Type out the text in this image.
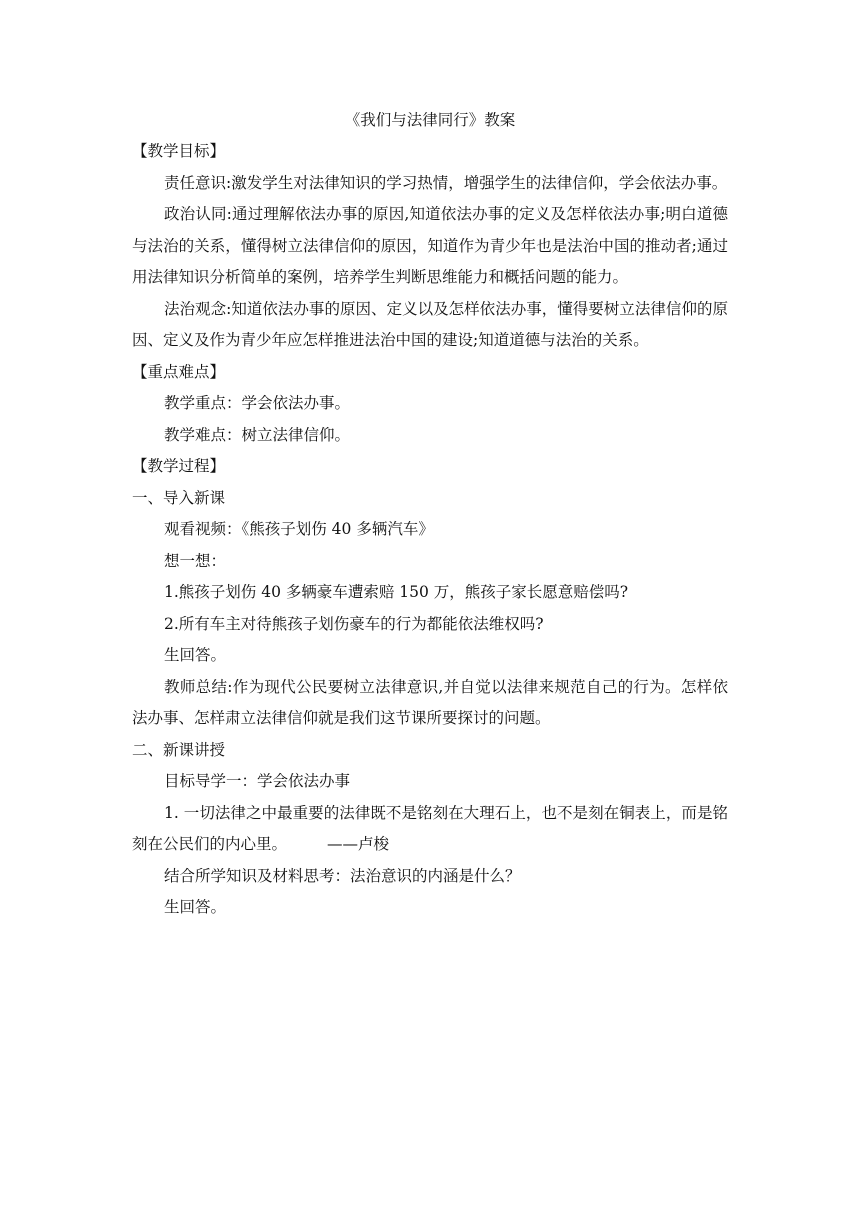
《我们与法律同行》教案

【教学目标】

责任意识:激发学生对法律知识的学习热情，增强学生的法律信仰，学会依法办事。

政治认同:通过理解依法办事的原因,知道依法办事的定义及怎样依法办事;明白道德与法治的关系，懂得树立法律信仰的原因，知道作为青少年也是法治中国的推动者;通过用法律知识分析简单的案例，培养学生判断思维能力和概括问题的能力。

法治观念:知道依法办事的原因、定义以及怎样依法办事，懂得要树立法律信仰的原因、定义及作为青少年应怎样推进法治中国的建设;知道道德与法治的关系。

【重点难点】

教学重点：学会依法办事。

教学难点：树立法律信仰。

【教学过程】

一、导入新课

观看视频：《熊孩子划伤 40 多辆汽车》

想一想：

1.熊孩子划伤 40 多辆豪车遭索赔 150 万，熊孩子家长愿意赔偿吗?

2.所有车主对待熊孩子划伤豪车的行为都能依法维权吗?

生回答。

教师总结:作为现代公民要树立法律意识,并自觉以法律来规范自己的行为。怎样依法办事、怎样肃立法律信仰就是我们这节课所要探讨的问题。

二、新课讲授

目标导学一：学会依法办事

1. 一切法律之中最重要的法律既不是铭刻在大理石上，也不是刻在铜表上，而是铭刻在公民们的内心里。	——卢梭

结合所学知识及材料思考：法治意识的内涵是什么？

生回答。
